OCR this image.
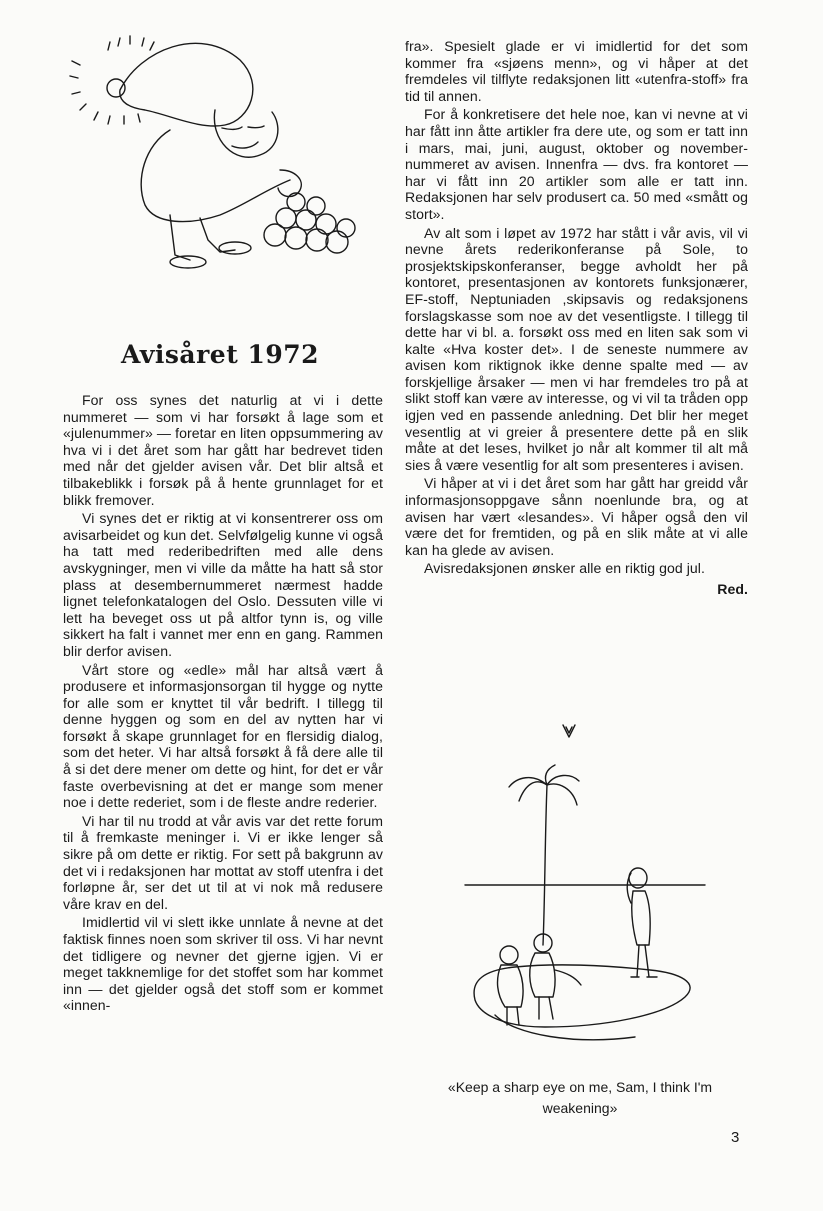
Avisåret 1972

For oss synes det naturlig at vi i dette nummeret — som vi har forsøkt å lage som et «julenummer» — foretar en liten oppsummering av hva vi i det året som har gått har bedrevet tiden med når det gjelder avisen vår. Det blir altså et tilbakeblikk i forsøk på å hente grunnlaget for et blikk fremover.

Vi synes det er riktig at vi konsentrerer oss om avisarbeidet og kun det. Selvfølgelig kunne vi også ha tatt med rederibedriften med alle dens avskygninger, men vi ville da måtte ha hatt så stor plass at desembernummeret nærmest hadde lignet telefonkatalogen del Oslo. Dessuten ville vi lett ha beveget oss ut på altfor tynn is, og ville sikkert ha falt i vannet mer enn en gang. Rammen blir derfor avisen.

Vårt store og «edle» mål har altså vært å produsere et informasjonsorgan til hygge og nytte for alle som er knyttet til vår bedrift. I tillegg til denne hyggen og som en del av nytten har vi forsøkt å skape grunnlaget for en flersidig dialog, som det heter. Vi har altså forsøkt å få dere alle til å si det dere mener om dette og hint, for det er vår faste overbevisning at det er mange som mener noe i dette rederiet, som i de fleste andre rederier.

Vi har til nu trodd at vår avis var det rette forum til å fremkaste meninger i. Vi er ikke lenger så sikre på om dette er riktig. For sett på bakgrunn av det vi i redaksjonen har mottat av stoff utenfra i det forløpne år, ser det ut til at vi nok må redusere våre krav en del.

Imidlertid vil vi slett ikke unnlate å nevne at det faktisk finnes noen som skriver til oss. Vi har nevnt det tidligere og nevner det gjerne igjen. Vi er meget takknemlige for det stoffet som har kommet inn — det gjelder også det stoff som er kommet «innen-

fra». Spesielt glade er vi imidlertid for det som kommer fra «sjøens menn», og vi håper at det fremdeles vil tilflyte redaksjonen litt «utenfra-stoff» fra tid til annen.

For å konkretisere det hele noe, kan vi nevne at vi har fått inn åtte artikler fra dere ute, og som er tatt inn i mars, mai, juni, august, oktober og november-nummeret av avisen. Innenfra — dvs. fra kontoret — har vi fått inn 20 artikler som alle er tatt inn. Redaksjonen har selv produsert ca. 50 med «smått og stort».

Av alt som i løpet av 1972 har stått i vår avis, vil vi nevne årets rederikonferanse på Sole, to prosjektskipskonferanser, begge avholdt her på kontoret, presentasjonen av kontorets funksjonærer, EF-stoff, Neptuniaden ,skipsavis og redaksjonens forslagskasse som noe av det vesentligste. I tillegg til dette har vi bl. a. forsøkt oss med en liten sak som vi kalte «Hva koster det». I de seneste nummere av avisen kom riktignok ikke denne spalte med — av forskjellige årsaker — men vi har fremdeles tro på at slikt stoff kan være av interesse, og vi vil ta tråden opp igjen ved en passende anledning. Det blir her meget vesentlig at vi greier å presentere dette på en slik måte at det leses, hvilket jo når alt kommer til alt må sies å være vesentlig for alt som presenteres i avisen.

Vi håper at vi i det året som har gått har greidd vår informasjonsoppgave sånn noenlunde bra, og at avisen har vært «lesandes». Vi håper også den vil være det for fremtiden, og på en slik måte at vi alle kan ha glede av avisen.

Avisredaksjonen ønsker alle en riktig god jul.

Red.

«Keep a sharp eye on me, Sam, I think I'm weakening»

3
